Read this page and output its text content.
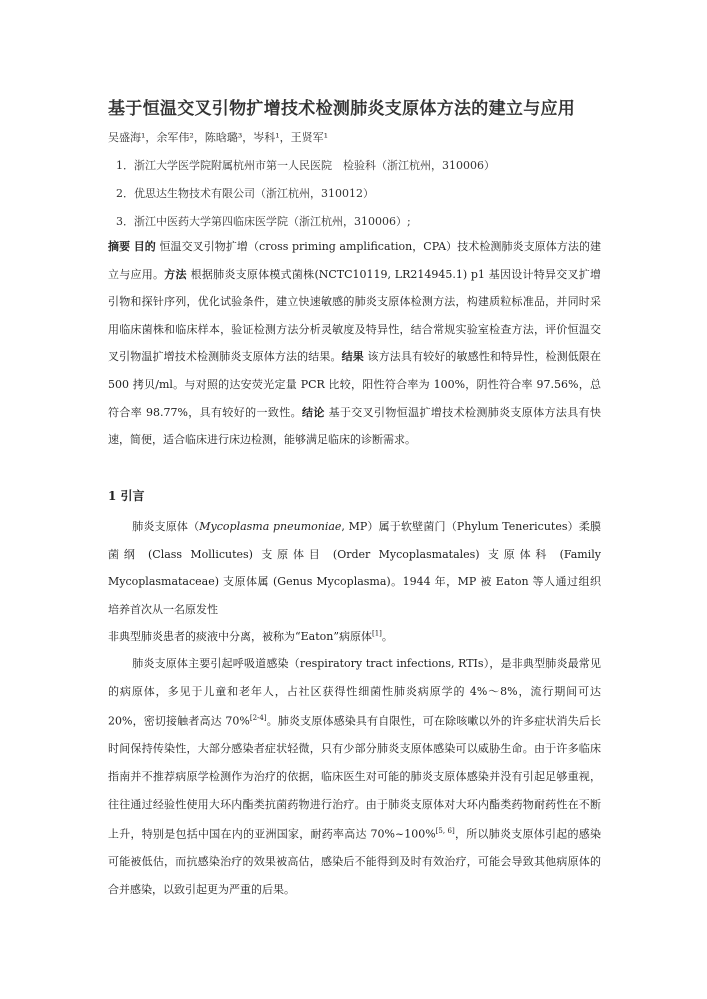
基于恒温交叉引物扩增技术检测肺炎支原体方法的建立与应用
吴盛海¹，余军伟²，陈晗璐³，岑科¹，王贤军¹
1．浙江大学医学院附属杭州市第一人民医院　检验科（浙江杭州，310006）
2．优思达生物技术有限公司（浙江杭州，310012）
3．浙江中医药大学第四临床医学院（浙江杭州，310006）;
摘要 目的 恒温交叉引物扩增（cross priming amplification，CPA）技术检测肺炎支原体方法的建立与应用。方法 根据肺炎支原体模式菌株(NCTC10119, LR214945.1) p1 基因设计特异交叉扩增引物和探针序列，优化试验条件，建立快速敏感的肺炎支原体检测方法，构建质粒标准品，并同时采用临床菌株和临床样本，验证检测方法分析灵敏度及特异性，结合常规实验室检查方法，评价恒温交叉引物温扩增技术检测肺炎支原体方法的结果。结果 该方法具有较好的敏感性和特异性，检测低限在 500 拷贝/ml。与对照的达安荧光定量 PCR 比较，阳性符合率为 100%，阴性符合率 97.56%，总符合率 98.77%，具有较好的一致性。结论 基于交叉引物恒温扩增技术检测肺炎支原体方法具有快速，简便，适合临床进行床边检测，能够满足临床的诊断需求。
1 引言
肺炎支原体（Mycoplasma pneumoniae, MP）属于软壁菌门（Phylum Tenericutes）柔膜菌纲 (Class Mollicutes) 支原体目 (Order Mycoplasmatales) 支原体科 (Family Mycoplasmataceae) 支原体属 (Genus Mycoplasma)。1944 年，MP 被 Eaton 等人通过组织培养首次从一名原发性
非典型肺炎患者的痰液中分离，被称为“Eaton”病原体[1]。
肺炎支原体主要引起呼吸道感染（respiratory tract infections, RTIs），是非典型肺炎最常见的病原体，多见于儿童和老年人，占社区获得性细菌性肺炎病原学的 4%～8%，流行期间可达 20%，密切接触者高达 70%[2-4]。肺炎支原体感染具有自限性，可在除咳嗽以外的许多症状消失后长时间保持传染性，大部分感染者症状轻微，只有少部分肺炎支原体感染可以威胁生命。由于许多临床指南并不推荐病原学检测作为治疗的依据，临床医生对可能的肺炎支原体感染并没有引起足够重视，往往通过经验性使用大环内酯类抗菌药物进行治疗。由于肺炎支原体对大环内酯类药物耐药性在不断上升，特别是包括中国在内的亚洲国家，耐药率高达 70%~100%[5, 6]，所以肺炎支原体引起的感染可能被低估，而抗感染治疗的效果被高估，感染后不能得到及时有效治疗，可能会导致其他病原体的合并感染，以致引起更为严重的后果。
